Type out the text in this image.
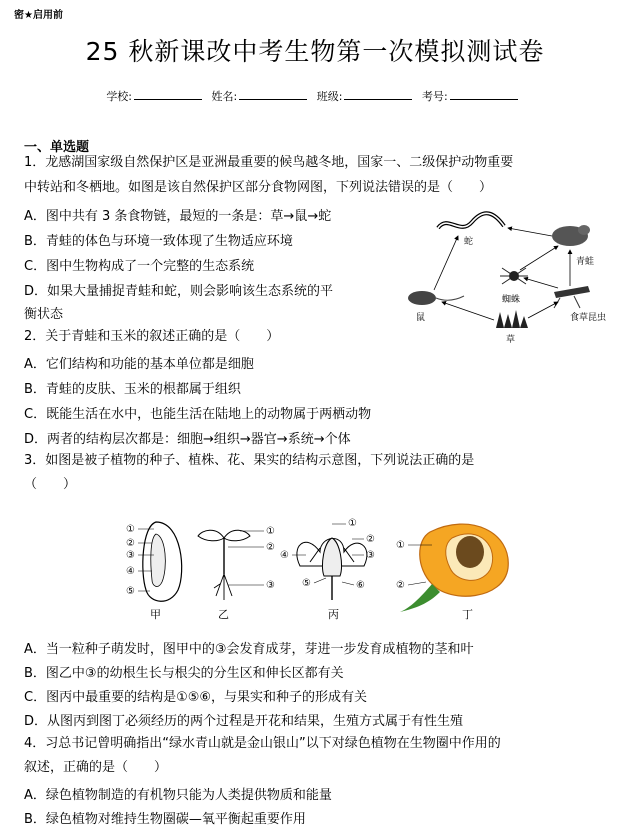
密★启用前
25 秋新课改中考生物第一次模拟测试卷
学校:	姓名:	班级:	考号:
一、单选题
1．龙感湖国家级自然保护区是亚洲最重要的候鸟越冬地，国家一、二级保护动物重要
中转站和冬栖地。如图是该自然保护区部分食物网图，下列说法错误的是（　　）
A．图中共有 3 条食物链，最短的一条是：草→鼠→蛇
B．青蛙的体色与环境一致体现了生物适应环境
C．图中生物构成了一个完整的生态系统
D．如果大量捕捉青蛙和蛇，则会影响该生态系统的平
衡状态
蛇
青蛙
蜘蛛
鼠	食草昆虫
草
2．关于青蛙和玉米的叙述正确的是（　　）
A．它们结构和功能的基本单位都是细胞
B．青蛙的皮肤、玉米的根都属于组织
C．既能生活在水中，也能生活在陆地上的动物属于两栖动物
D．两者的结构层次都是：细胞→组织→器官→系统→个体
3．如图是被子植物的种子、植株、花、果实的结构示意图，下列说法正确的是
（　　）
①
②
③
④
⑤
甲
①
②
③
乙
①
②
③
④
⑤	⑥
丙
①
②
丁
A．当一粒种子萌发时，图甲中的③会发育成芽，芽进一步发育成植物的茎和叶
B．图乙中③的幼根生长与根尖的分生区和伸长区都有关
C．图丙中最重要的结构是①⑤⑥，与果实和种子的形成有关
D．从图丙到图丁必须经历的两个过程是开花和结果，生殖方式属于有性生殖
4．习总书记曾明确指出“绿水青山就是金山银山”以下对绿色植物在生物圈中作用的
叙述，正确的是（　　）
A．绿色植物制造的有机物只能为人类提供物质和能量
B．绿色植物对维持生物圈碳—氧平衡起重要作用
